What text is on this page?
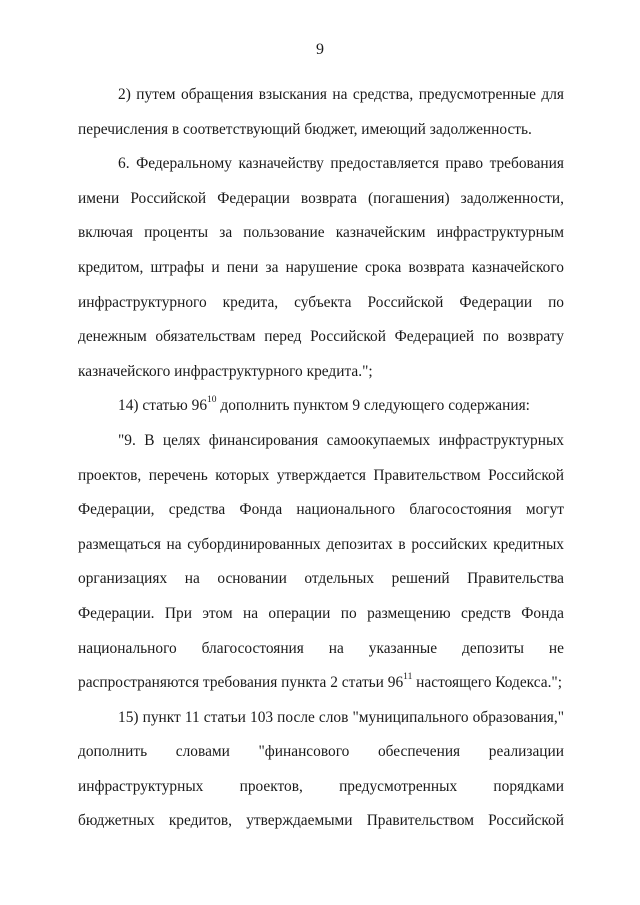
9
2) путем обращения взыскания на средства, предусмотренные для
перечисления в соответствующий бюджет, имеющий задолженность.
6. Федеральному казначейству предоставляется право требования
имени Российской Федерации возврата (погашения) задолженности,
включая проценты за пользование казначейским инфраструктурным
кредитом, штрафы и пени за нарушение срока возврата казначейского
инфраструктурного кредита, субъекта Российской Федерации по
денежным обязательствам перед Российской Федерацией по возврату
казначейского инфраструктурного кредита.";
14) статью $96^{10}$ дополнить пунктом 9 следующего содержания:
"9. В целях финансирования самоокупаемых инфраструктурных
проектов, перечень которых утверждается Правительством Российской
Федерации, средства Фонда национального благосостояния могут
размещаться на субординированных депозитах в российских кредитных
организациях на основании отдельных решений Правительства
Федерации. При этом на операции по размещению средств Фонда
национального благосостояния на указанные депозиты не
распространяются требования пункта 2 статьи $96^{11}$ настоящего Кодекса.";
15) пункт 11 статьи 103 после слов "муниципального образования,"
дополнить словами "финансового обеспечения реализации
инфраструктурных проектов, предусмотренных порядками
бюджетных кредитов, утверждаемыми Правительством Российской
